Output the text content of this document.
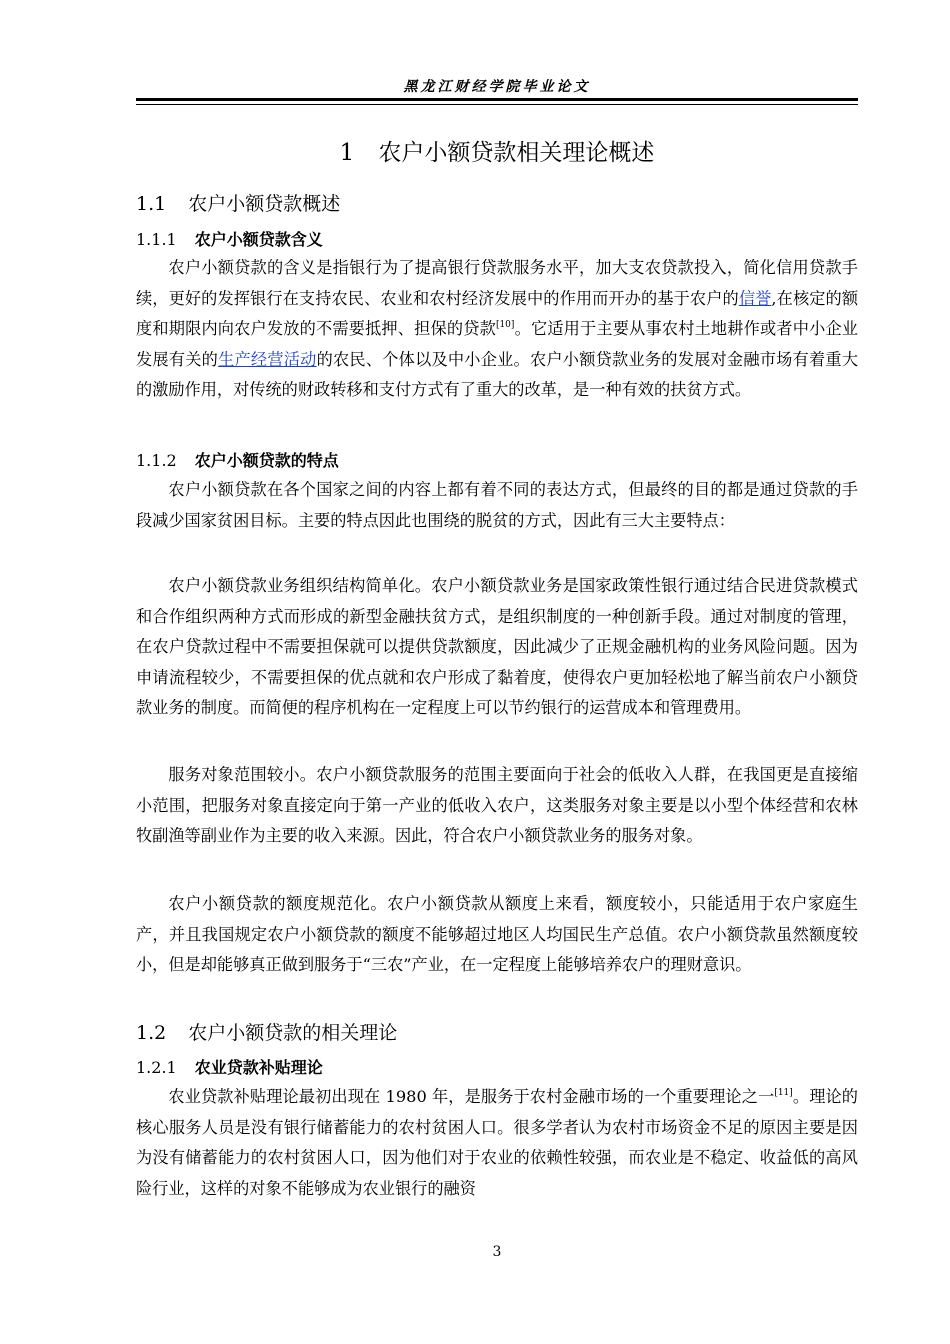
黑龙江财经学院毕业论文
1 农户小额贷款相关理论概述
1.1 农户小额贷款概述
1.1.1 农户小额贷款含义

农户小额贷款的含义是指银行为了提高银行贷款服务水平，加大支农贷款投入，简化信用贷款手续，更好的发挥银行在支持农民、农业和农村经济发展中的作用而开办的基于农户的信誉,在核定的额度和期限内向农户发放的不需要抵押、担保的贷款[10]。它适用于主要从事农村土地耕作或者中小企业发展有关的生产经营活动的农民、个体以及中小企业。农户小额贷款业务的发展对金融市场有着重大的激励作用，对传统的财政转移和支付方式有了重大的改革，是一种有效的扶贫方式。

1.1.2 农户小额贷款的特点

农户小额贷款在各个国家之间的内容上都有着不同的表达方式，但最终的目的都是通过贷款的手段减少国家贫困目标。主要的特点因此也围绕的脱贫的方式，因此有三大主要特点：

农户小额贷款业务组织结构简单化。农户小额贷款业务是国家政策性银行通过结合民进贷款模式和合作组织两种方式而形成的新型金融扶贫方式，是组织制度的一种创新手段。通过对制度的管理，在农户贷款过程中不需要担保就可以提供贷款额度，因此减少了正规金融机构的业务风险问题。因为申请流程较少，不需要担保的优点就和农户形成了黏着度，使得农户更加轻松地了解当前农户小额贷款业务的制度。而简便的程序机构在一定程度上可以节约银行的运营成本和管理费用。

服务对象范围较小。农户小额贷款服务的范围主要面向于社会的低收入人群，在我国更是直接缩小范围，把服务对象直接定向于第一产业的低收入农户，这类服务对象主要是以小型个体经营和农林牧副渔等副业作为主要的收入来源。因此，符合农户小额贷款业务的服务对象。

农户小额贷款的额度规范化。农户小额贷款从额度上来看，额度较小，只能适用于农户家庭生产，并且我国规定农户小额贷款的额度不能够超过地区人均国民生产总值。农户小额贷款虽然额度较小，但是却能够真正做到服务于“三农”产业，在一定程度上能够培养农户的理财意识。

1.2 农户小额贷款的相关理论
1.2.1 农业贷款补贴理论

农业贷款补贴理论最初出现在 1980 年，是服务于农村金融市场的一个重要理论之一[11]。理论的核心服务人员是没有银行储蓄能力的农村贫困人口。很多学者认为农村市场资金不足的原因主要是因为没有储蓄能力的农村贫困人口，因为他们对于农业的依赖性较强，而农业是不稳定、收益低的高风险行业，这样的对象不能够成为农业银行的融资

3
